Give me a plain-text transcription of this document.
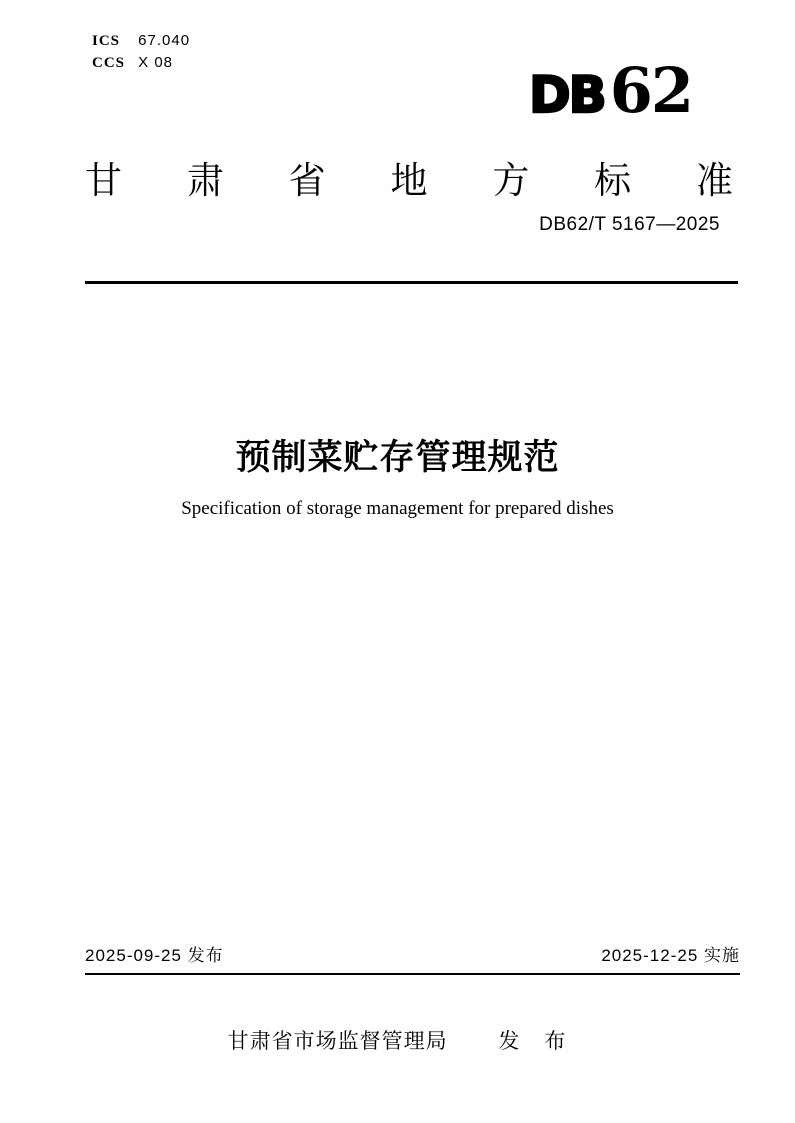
ICS 67.040
CCS X 08
DB 62
甘 肃 省 地 方 标 准
DB62/T 5167—2025
预制菜贮存管理规范
Specification of storage management for prepared dishes
2025-09-25 发布	2025-12-25 实施
甘肃省市场监督管理局 发　布
